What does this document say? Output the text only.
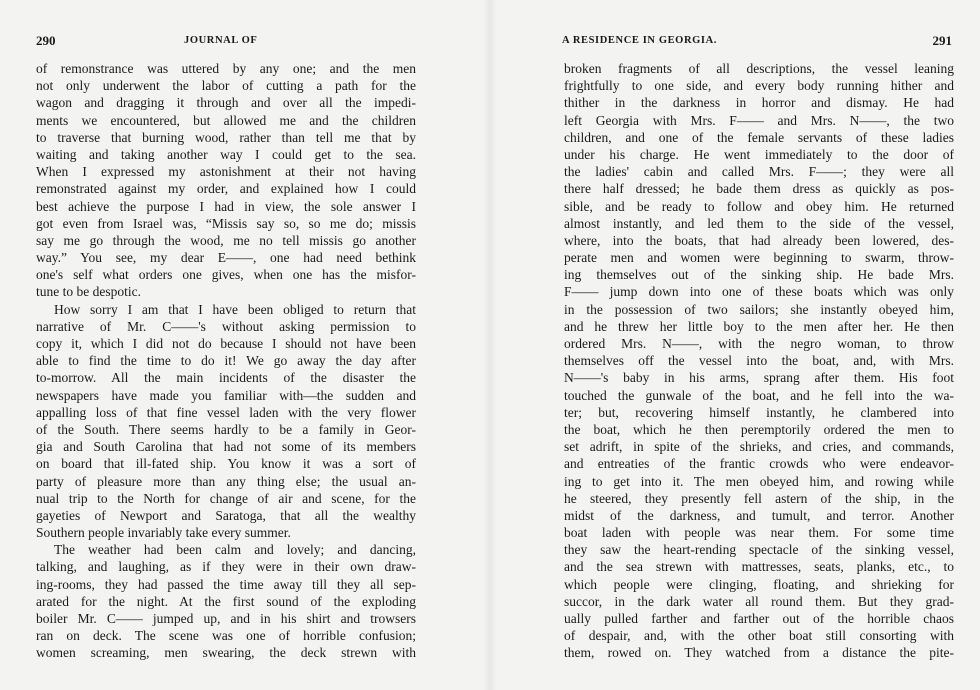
290	JOURNAL OF
of remonstrance was uttered by any one; and the men
not only underwent the labor of cutting a path for the
wagon and dragging it through and over all the impedi-
ments we encountered, but allowed me and the children
to traverse that burning wood, rather than tell me that by
waiting and taking another way I could get to the sea.
When I expressed my astonishment at their not having
remonstrated against my order, and explained how I could
best achieve the purpose I had in view, the sole answer I
got even from Israel was, “Missis say so, so me do; missis
say me go through the wood, me no tell missis go another
way.” You see, my dear E——, one had need bethink
one's self what orders one gives, when one has the misfor-
tune to be despotic.
How sorry I am that I have been obliged to return that
narrative of Mr. C——'s without asking permission to
copy it, which I did not do because I should not have been
able to find the time to do it! We go away the day after
to-morrow. All the main incidents of the disaster the
newspapers have made you familiar with—the sudden and
appalling loss of that fine vessel laden with the very flower
of the South. There seems hardly to be a family in Geor-
gia and South Carolina that had not some of its members
on board that ill-fated ship. You know it was a sort of
party of pleasure more than any thing else; the usual an-
nual trip to the North for change of air and scene, for the
gayeties of Newport and Saratoga, that all the wealthy
Southern people invariably take every summer.
The weather had been calm and lovely; and dancing,
talking, and laughing, as if they were in their own draw-
ing-rooms, they had passed the time away till they all sep-
arated for the night. At the first sound of the exploding
boiler Mr. C—— jumped up, and in his shirt and trowsers
ran on deck. The scene was one of horrible confusion;
women screaming, men swearing, the deck strewn with
A RESIDENCE IN GEORGIA.	291
broken fragments of all descriptions, the vessel leaning
frightfully to one side, and every body running hither and
thither in the darkness in horror and dismay. He had
left Georgia with Mrs. F—— and Mrs. N——, the two
children, and one of the female servants of these ladies
under his charge. He went immediately to the door of
the ladies' cabin and called Mrs. F——; they were all
there half dressed; he bade them dress as quickly as pos-
sible, and be ready to follow and obey him. He returned
almost instantly, and led them to the side of the vessel,
where, into the boats, that had already been lowered, des-
perate men and women were beginning to swarm, throw-
ing themselves out of the sinking ship. He bade Mrs.
F—— jump down into one of these boats which was only
in the possession of two sailors; she instantly obeyed him,
and he threw her little boy to the men after her. He then
ordered Mrs. N——, with the negro woman, to throw
themselves off the vessel into the boat, and, with Mrs.
N——'s baby in his arms, sprang after them. His foot
touched the gunwale of the boat, and he fell into the wa-
ter; but, recovering himself instantly, he clambered into
the boat, which he then peremptorily ordered the men to
set adrift, in spite of the shrieks, and cries, and commands,
and entreaties of the frantic crowds who were endeavor-
ing to get into it. The men obeyed him, and rowing while
he steered, they presently fell astern of the ship, in the
midst of the darkness, and tumult, and terror. Another
boat laden with people was near them. For some time
they saw the heart-rending spectacle of the sinking vessel,
and the sea strewn with mattresses, seats, planks, etc., to
which people were clinging, floating, and shrieking for
succor, in the dark water all round them. But they grad-
ually pulled farther and farther out of the horrible chaos
of despair, and, with the other boat still consorting with
them, rowed on. They watched from a distance the pite-
